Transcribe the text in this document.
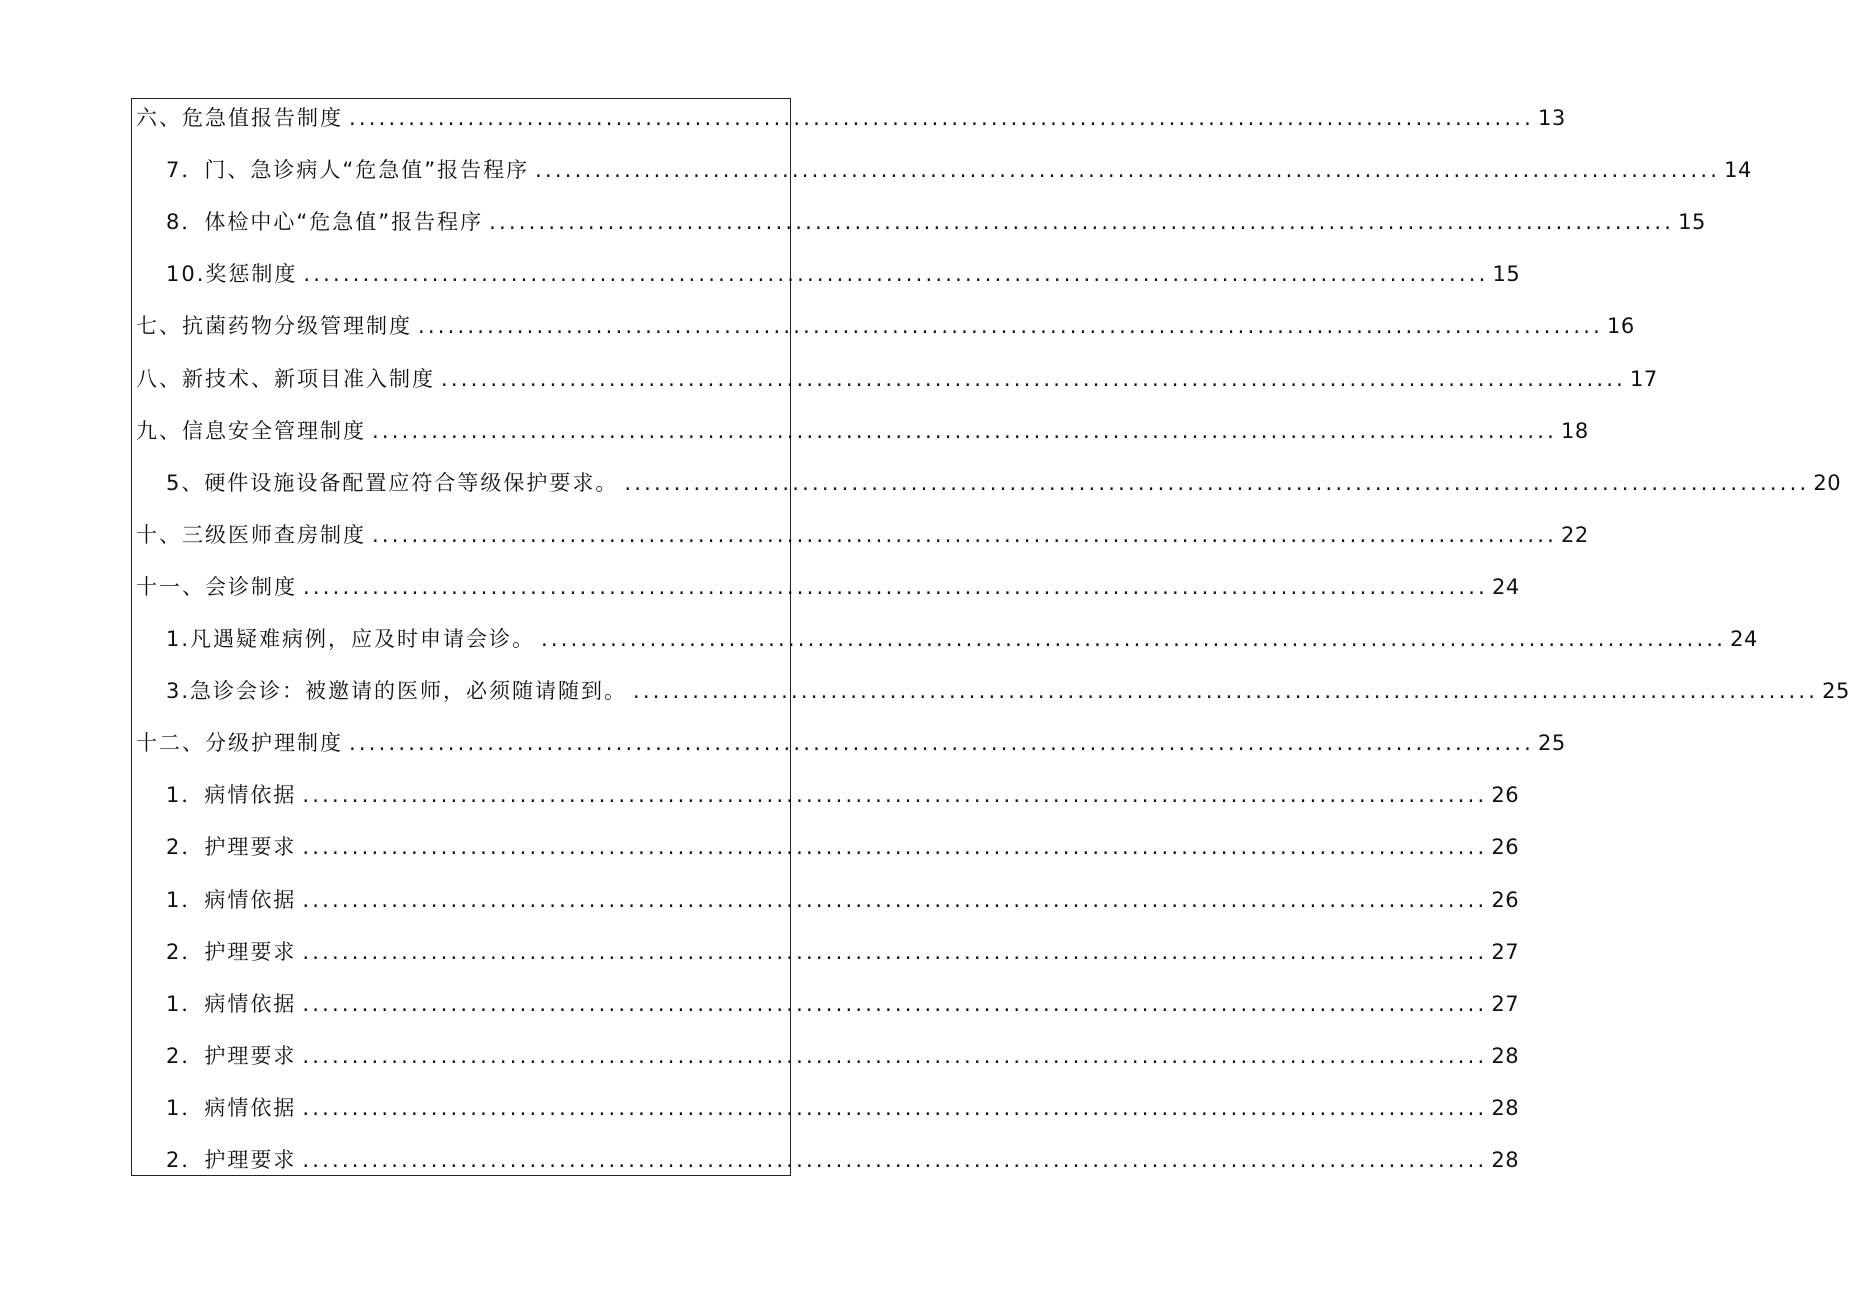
六、危急值报告制度 ........................................................................................................................ 13
7．门、急诊病人“危急值”报告程序 ........................................................................................................................ 14
8．体检中心“危急值”报告程序 ........................................................................................................................ 15
10.奖惩制度 ........................................................................................................................ 15
七、抗菌药物分级管理制度 ........................................................................................................................ 16
八、新技术、新项目准入制度 ........................................................................................................................ 17
九、信息安全管理制度 ........................................................................................................................ 18
5、硬件设施设备配置应符合等级保护要求。 ........................................................................................................................ 20
十、三级医师查房制度 ........................................................................................................................ 22
十一、会诊制度 ........................................................................................................................ 24
1.凡遇疑难病例，应及时申请会诊。 ........................................................................................................................ 24
3.急诊会诊：被邀请的医师，必须随请随到。 ........................................................................................................................ 25
十二、分级护理制度 ........................................................................................................................ 25
1．病情依据 ........................................................................................................................ 26
2．护理要求 ........................................................................................................................ 26
1．病情依据 ........................................................................................................................ 26
2．护理要求 ........................................................................................................................ 27
1．病情依据 ........................................................................................................................ 27
2．护理要求 ........................................................................................................................ 28
1．病情依据 ........................................................................................................................ 28
2．护理要求 ........................................................................................................................ 28
